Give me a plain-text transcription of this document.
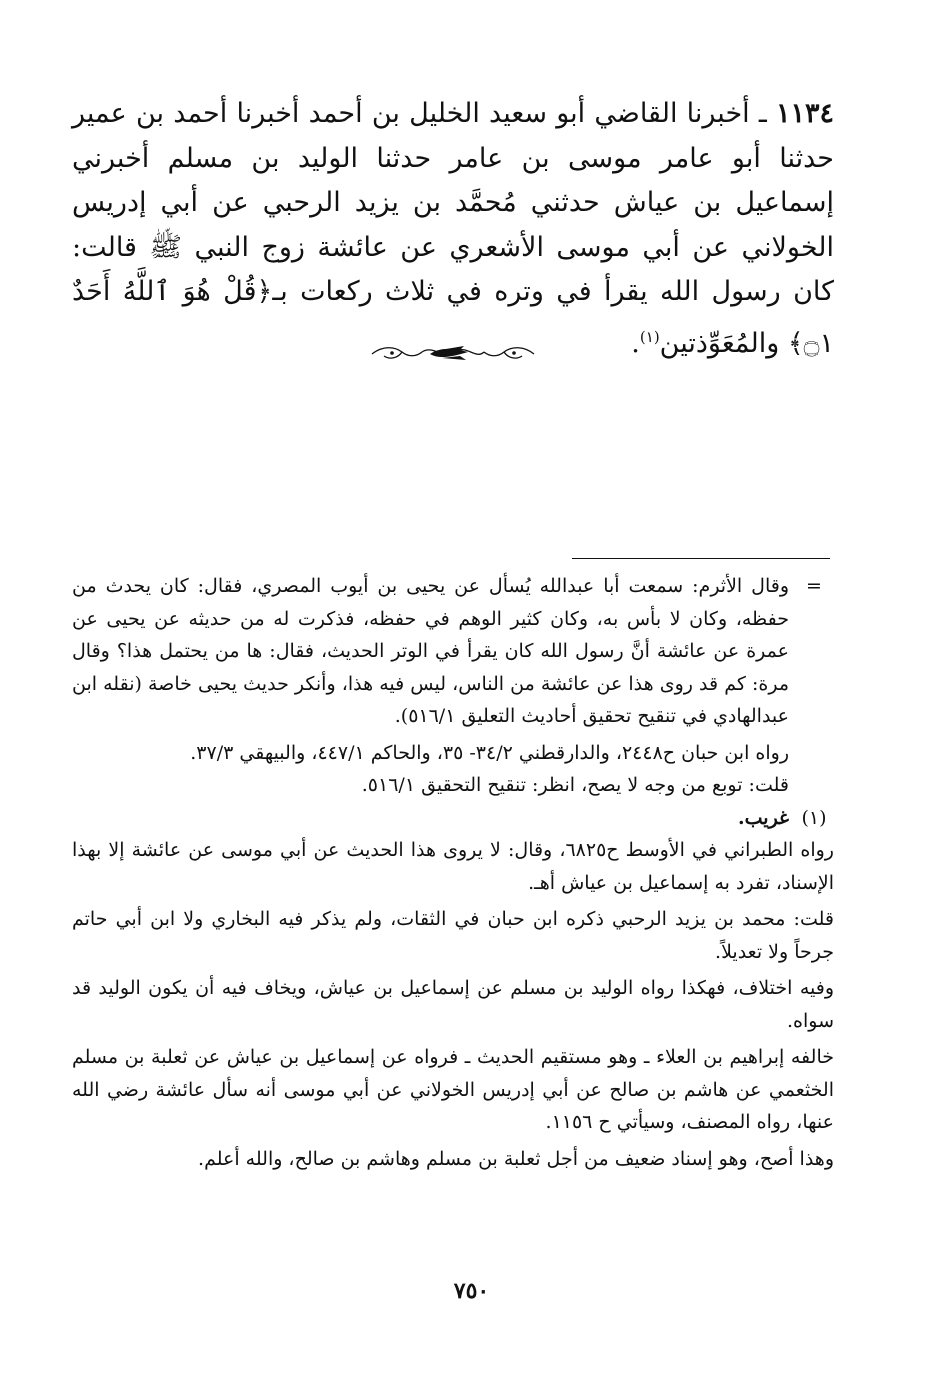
١١٣٤ ـ أخبرنا القاضي أبو سعيد الخليل بن أحمد أخبرنا أحمد بن عمير حدثنا أبو عامر موسى بن عامر حدثنا الوليد بن مسلم أخبرني إسماعيل بن عياش حدثني مُحمَّد بن يزيد الرحبي عن أبي إدريس الخولاني عن أبي موسى الأشعري عن عائشة زوج النبي ﷺ قالت: كان رسول الله يقرأ في وتره في ثلاث ركعات بـ﴿قُلْ هُوَ ٱللَّهُ أَحَدٌ ۝١﴾ والمُعَوِّذتين$^{(١)}$.

=

وقال الأثرم: سمعت أبا عبدالله يُسأل عن يحيى بن أيوب المصري، فقال: كان يحدث من حفظه، وكان لا بأس به، وكان كثير الوهم في حفظه، فذكرت له من حديثه عن يحيى عن عمرة عن عائشة أنَّ رسول الله كان يقرأ في الوتر الحديث، فقال: ها من يحتمل هذا؟ وقال مرة: كم قد روى هذا عن عائشة من الناس، ليس فيه هذا، وأنكر حديث يحيى خاصة (نقله ابن عبدالهادي في تنقيح تحقيق أحاديث التعليق ٥١٦/١).

رواه ابن حبان ح٢٤٤٨، والدارقطني ٣٤/٢- ٣٥، والحاكم ٤٤٧/١، والبيهقي ٣٧/٣.

قلت: توبع من وجه لا يصح، انظر: تنقيح التحقيق ٥١٦/١.

(١)

غريب.

رواه الطبراني في الأوسط ح٦٨٢٥، وقال: لا يروى هذا الحديث عن أبي موسى عن عائشة إلا بهذا الإسناد، تفرد به إسماعيل بن عياش أهـ.

قلت: محمد بن يزيد الرحبي ذكره ابن حبان في الثقات، ولم يذكر فيه البخاري ولا ابن أبي حاتم جرحاً ولا تعديلاً.

وفيه اختلاف، فهكذا رواه الوليد بن مسلم عن إسماعيل بن عياش، ويخاف فيه أن يكون الوليد قد سواه.

خالفه إبراهيم بن العلاء ـ وهو مستقيم الحديث ـ فرواه عن إسماعيل بن عياش عن ثعلبة بن مسلم الخثعمي عن هاشم بن صالح عن أبي إدريس الخولاني عن أبي موسى أنه سأل عائشة رضي الله عنها، رواه المصنف، وسيأتي ح ١١٥٦.

وهذا أصح، وهو إسناد ضعيف من أجل ثعلبة بن مسلم وهاشم بن صالح، والله أعلم.

٧٥٠
